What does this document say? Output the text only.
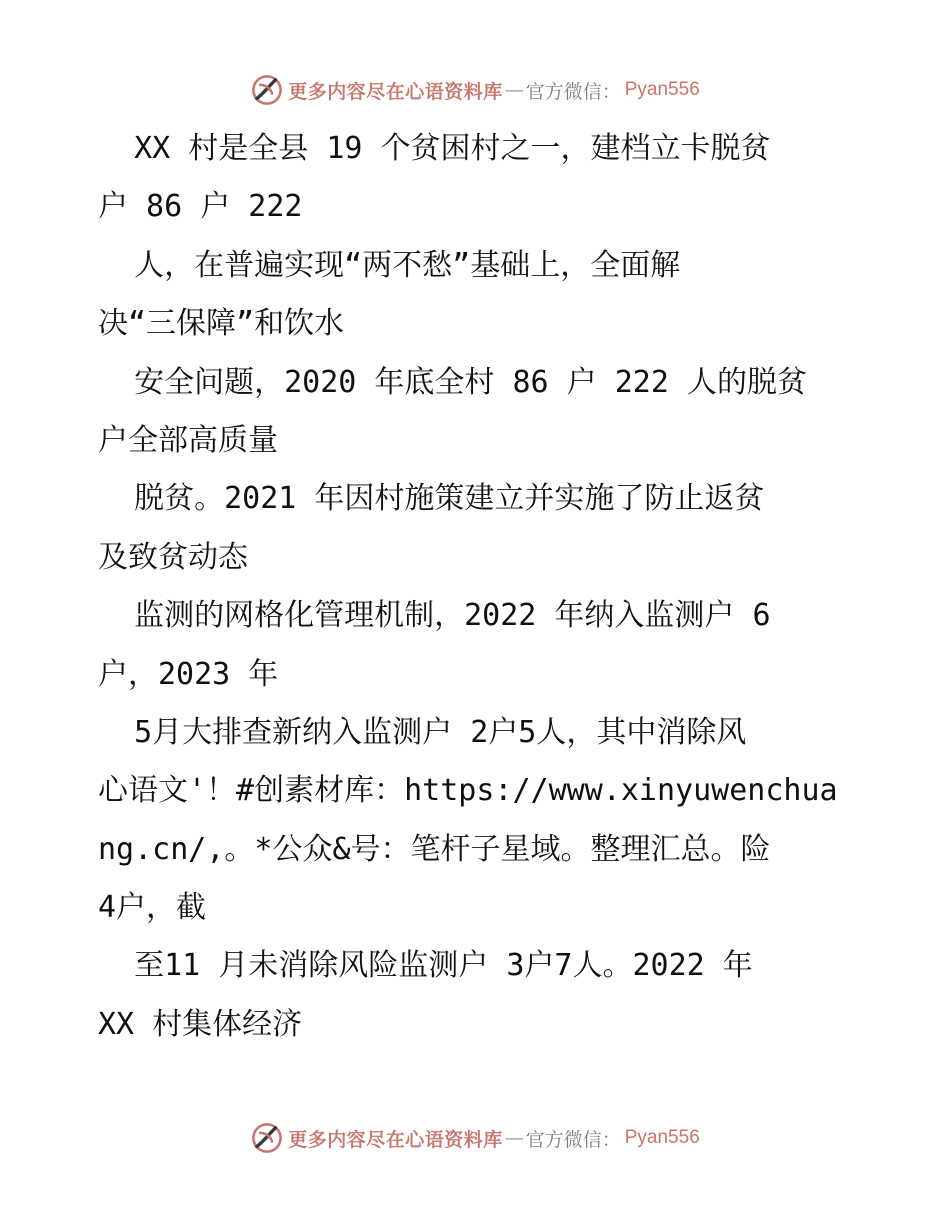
更多内容尽在心语资料库 — 官方微信： Pyan556
XX 村是全县 19 个贫困村之一，建档立卡脱贫
户 86 户 222
人，在普遍实现“两不愁”基础上，全面解
决“三保障”和饮水
安全问题，2020 年底全村 86 户 222 人的脱贫
户全部高质量
脱贫。2021 年因村施策建立并实施了防止返贫
及致贫动态
监测的网格化管理机制，2022 年纳入监测户 6
户，2023 年
5月大排查新纳入监测户 2户5人，其中消除风
心语文'！#创素材库：https://www.xinyuwenchua
ng.cn/,。*公众&号：笔杆子星域。整理汇总。险
4户，截
至11 月未消除风险监测户 3户7人。2022 年
XX 村集体经济
更多内容尽在心语资料库 — 官方微信： Pyan556
